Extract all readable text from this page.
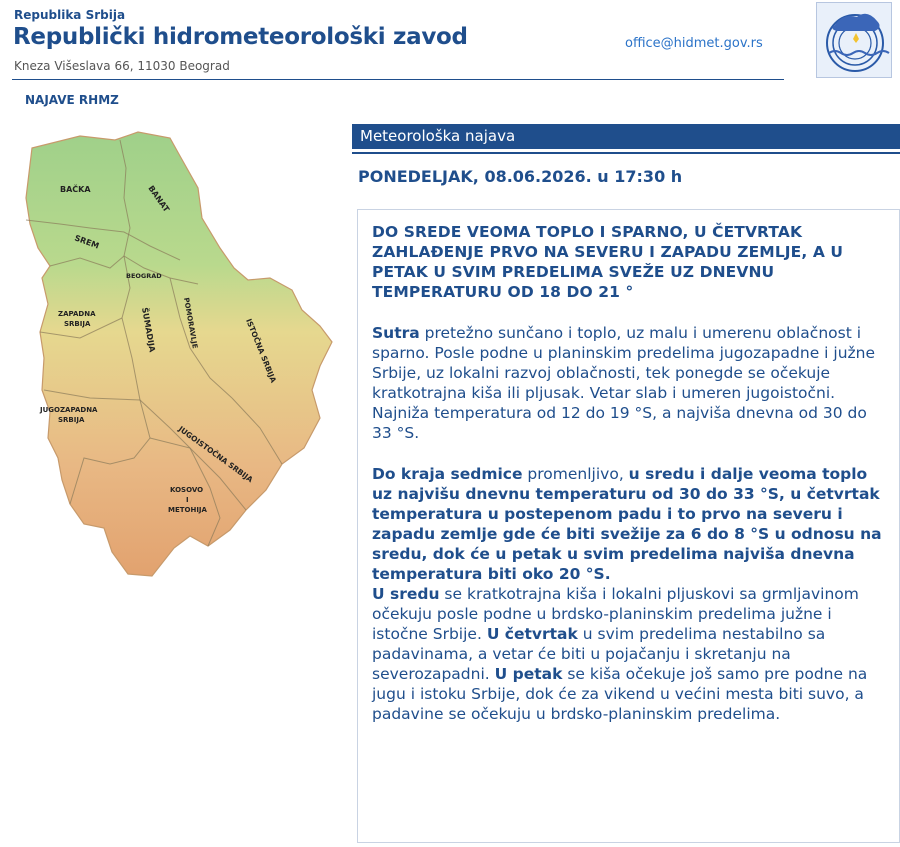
Republika Srbija
Republički hidrometeorološki zavod
Kneza Višeslava 66, 11030 Beograd
office@hidmet.gov.rs
NAJAVE RHMZ
BAČKA	BANAT
SREM
BEOGRAD
ZAPADNA
SRBIJA	ŠUMADIJA	POMORAVLJE	ISTOČNA SRBIJA
JUGOZAPADNA
SRBIJA
JUGOISTOČNA SRBIJA
KOSOVO
I
METOHIJA
Meteorološka najava
PONEDELJAK, 08.06.2026. u 17:30 h
DO SREDE VEOMA TOPLO I SPARNO, U ČETVRTAK ZAHLAĐENJE PRVO NA SEVERU I ZAPADU ZEMLJE, A U PETAK U SVIM PREDELIMA SVEŽE UZ DNEVNU TEMPERATURU OD 18 DO 21 °
Sutra pretežno sunčano i toplo, uz malu i umerenu oblačnost i sparno. Posle podne u planinskim predelima jugozapadne i južne Srbije, uz lokalni razvoj oblačnosti, tek ponegde se očekuje kratkotrajna kiša ili pljusak. Vetar slab i umeren jugoistočni. Najniža temperatura od 12 do 19 °S, a najviša dnevna od 30 do 33 °S.
Do kraja sedmice promenljivo, u sredu i dalje veoma toplo uz najvišu dnevnu temperaturu od 30 do 33 °S, u četvrtak temperatura u postepenom padu i to prvo na severu i zapadu zemlje gde će biti svežije za 6 do 8 °S u odnosu na sredu, dok će u petak u svim predelima najviša dnevna temperatura biti oko 20 °S.
U sredu se kratkotrajna kiša i lokalni pljuskovi sa grmljavinom očekuju posle podne u brdsko-planinskim predelima južne i istočne Srbije. U četvrtak u svim predelima nestabilno sa padavinama, a vetar će biti u pojačanju i skretanju na severozapadni. U petak se kiša očekuje još samo pre podne na jugu i istoku Srbije, dok će za vikend u većini mesta biti suvo, a padavine se očekuju u brdsko-planinskim predelima.
